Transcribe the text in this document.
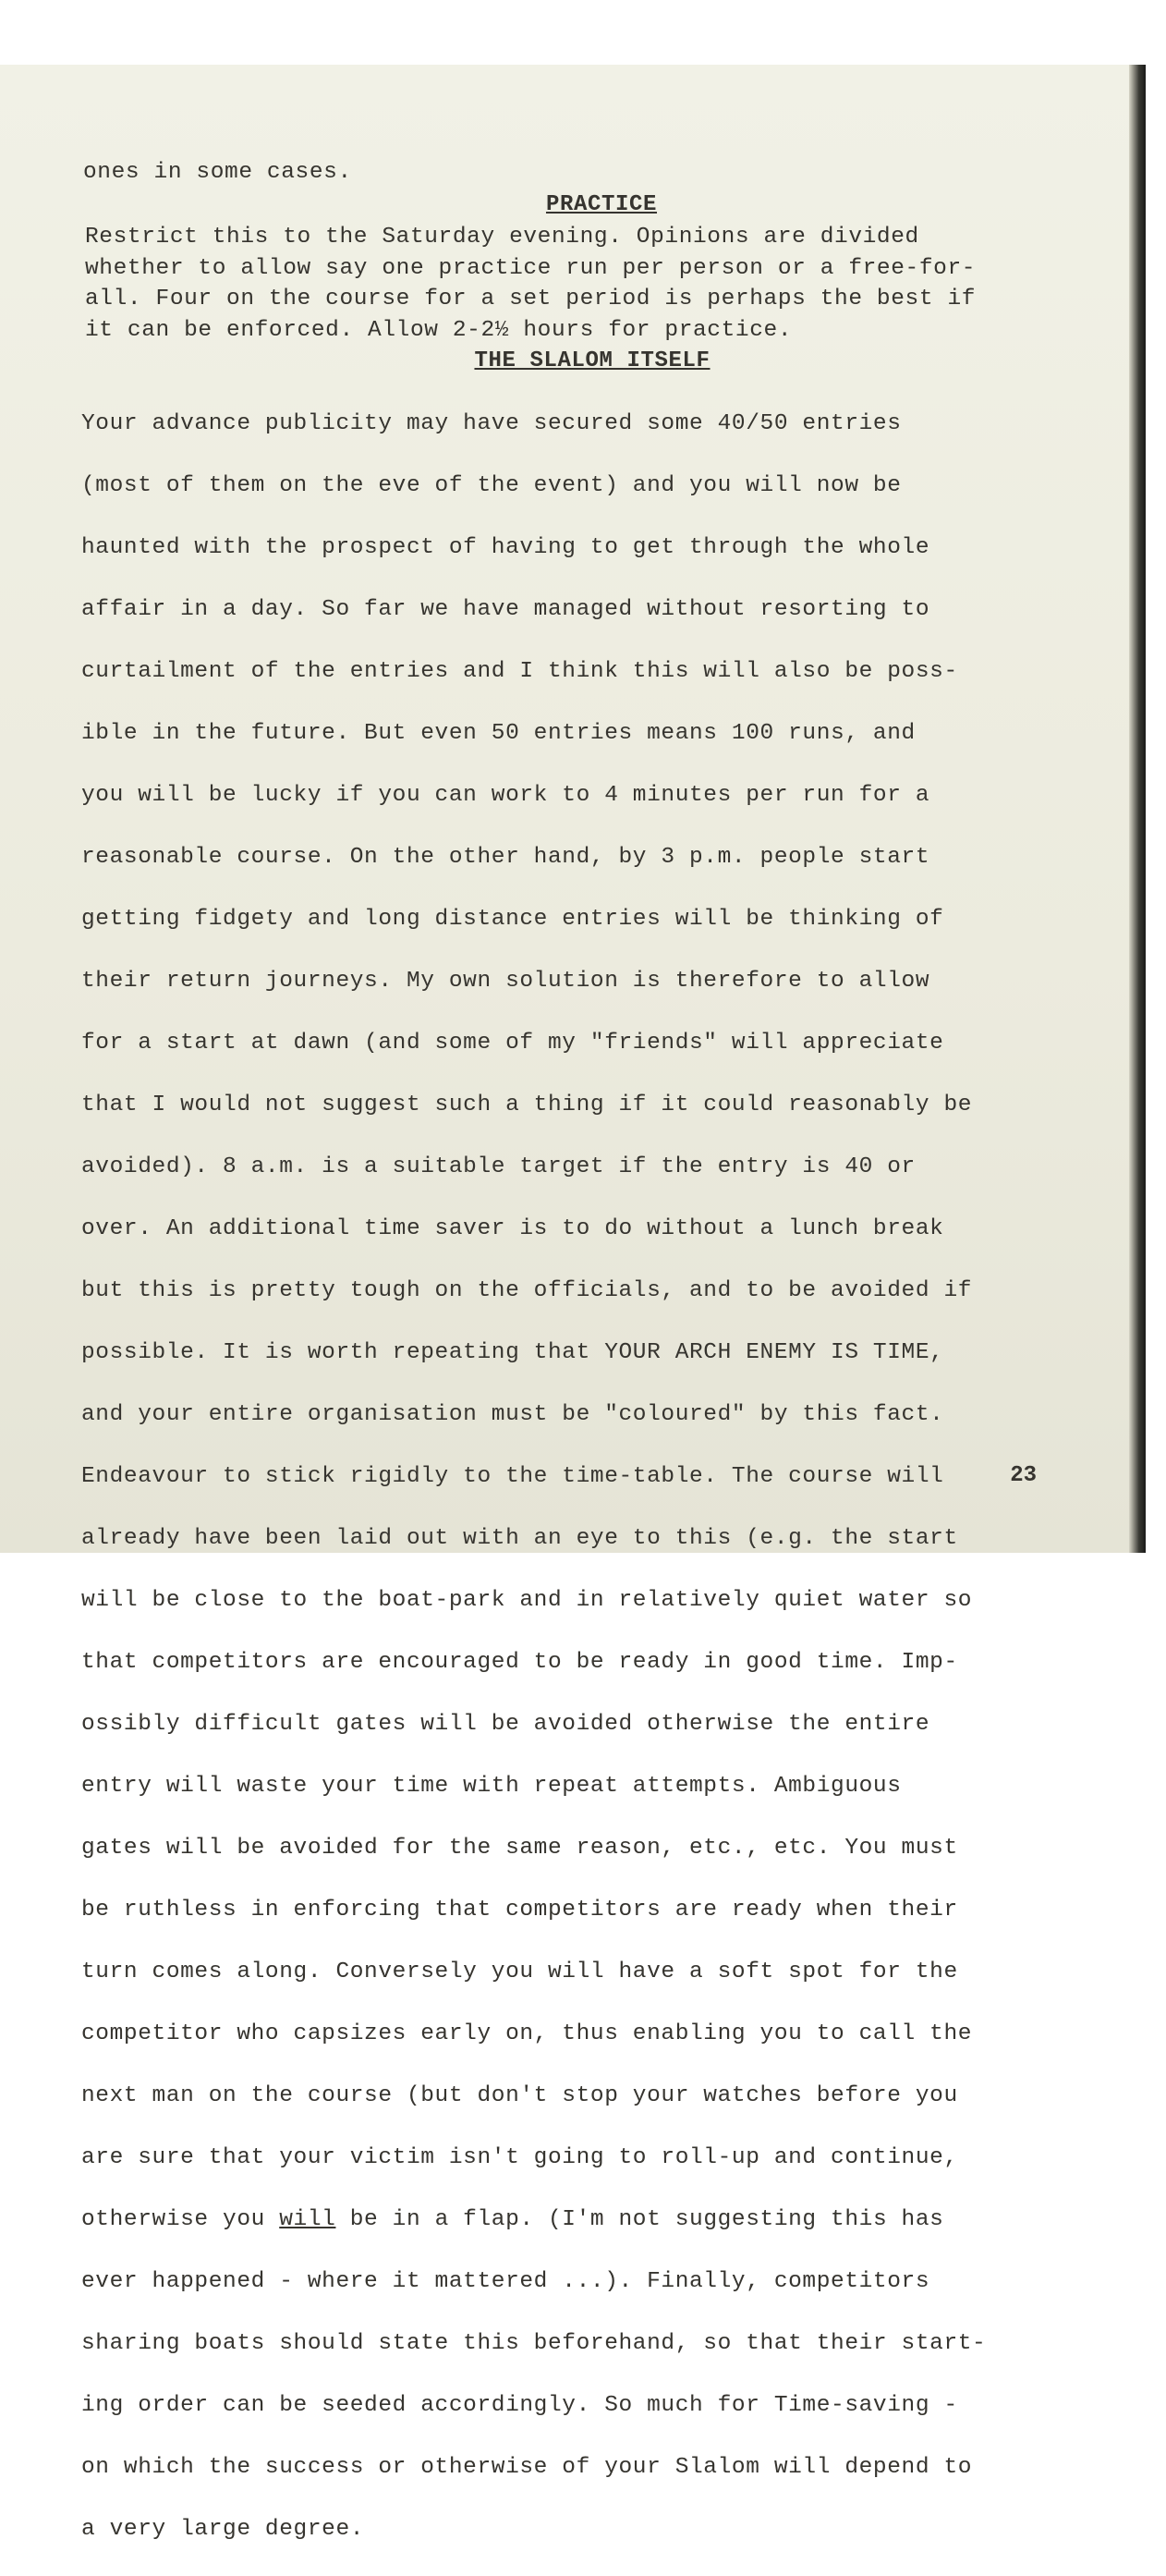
ones in some cases.

PRACTICE

Restrict this to the Saturday evening. Opinions are divided
whether to allow say one practice run per person or a free-for-
all. Four on the course for a set period is perhaps the best if
it can be enforced. Allow 2-2½ hours for practice.

THE SLALOM ITSELF

Your advance publicity may have secured some 40/50 entries

(most of them on the eve of the event) and you will now be

haunted with the prospect of having to get through the whole

affair in a day. So far we have managed without resorting to

curtailment of the entries and I think this will also be poss-

ible in the future. But even 50 entries means 100 runs, and

you will be lucky if you can work to 4 minutes per run for a

reasonable course. On the other hand, by 3 p.m. people start

getting fidgety and long distance entries will be thinking of

their return journeys. My own solution is therefore to allow

for a start at dawn (and some of my "friends" will appreciate

that I would not suggest such a thing if it could reasonably be

avoided). 8 a.m. is a suitable target if the entry is 40 or

over. An additional time saver is to do without a lunch break

but this is pretty tough on the officials, and to be avoided if

possible. It is worth repeating that YOUR ARCH ENEMY IS TIME,

and your entire organisation must be "coloured" by this fact.

Endeavour to stick rigidly to the time-table. The course will

already have been laid out with an eye to this (e.g. the start

will be close to the boat-park and in relatively quiet water so

that competitors are encouraged to be ready in good time. Imp-

ossibly difficult gates will be avoided otherwise the entire

entry will waste your time with repeat attempts. Ambiguous

gates will be avoided for the same reason, etc., etc. You must

be ruthless in enforcing that competitors are ready when their

turn comes along. Conversely you will have a soft spot for the

competitor who capsizes early on, thus enabling you to call the

next man on the course (but don't stop your watches before you

are sure that your victim isn't going to roll-up and continue,

otherwise you will be in a flap. (I'm not suggesting this has

ever happened - where it mattered ...). Finally, competitors

sharing boats should state this beforehand, so that their start-

ing order can be seeded accordingly. So much for Time-saving -

on which the success or otherwise of your Slalom will depend to

a very large degree.

23
